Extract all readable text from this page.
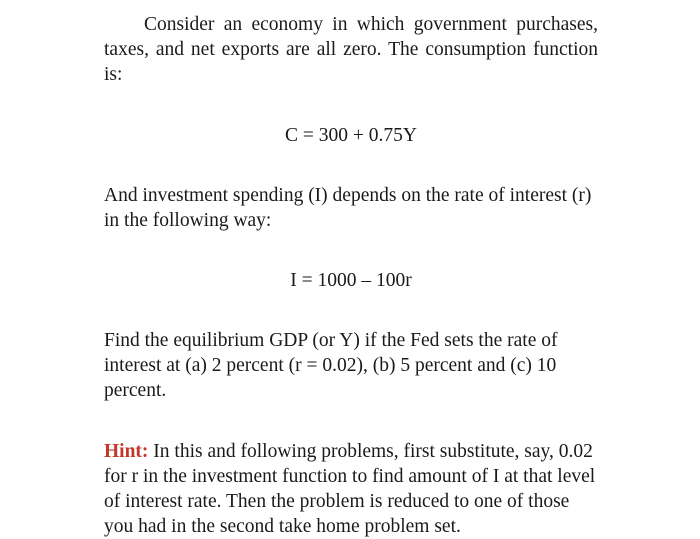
Consider an economy in which government purchases, taxes, and net exports are all zero. The consumption function is:

C = 300 + 0.75Y

And investment spending (I) depends on the rate of interest (r) in the following way:

I = 1000 – 100r

Find the equilibrium GDP (or Y) if the Fed sets the rate of interest at (a) 2 percent (r = 0.02), (b) 5 percent and (c) 10 percent.

Hint: In this and following problems, first substitute, say, 0.02 for r in the investment function to find amount of I at that level of interest rate. Then the problem is reduced to one of those you had in the second take home problem set.
